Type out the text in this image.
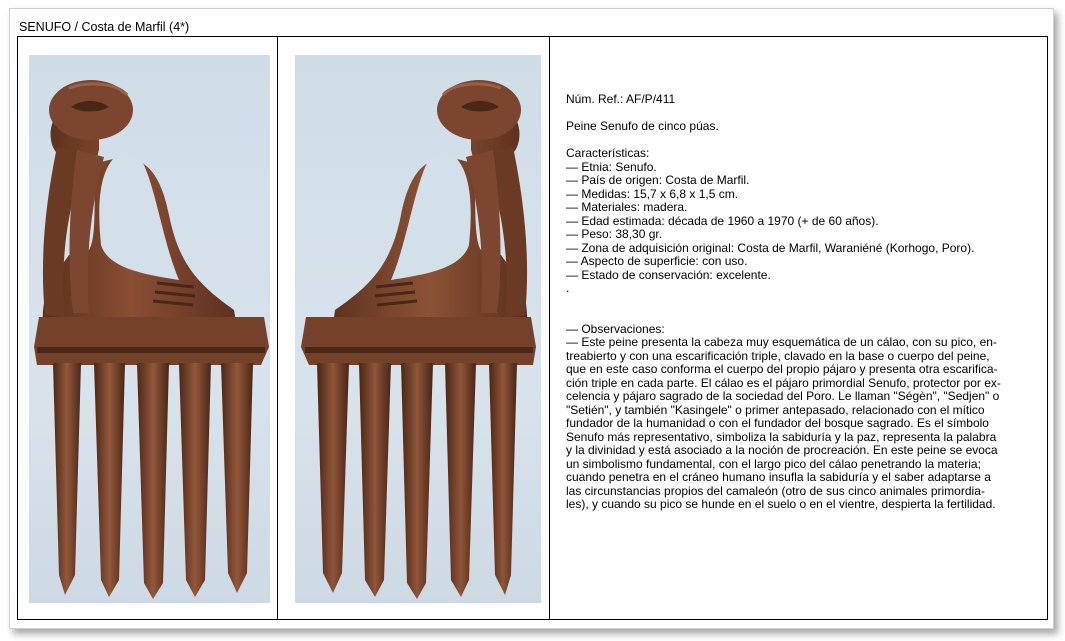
SENUFO / Costa de Marfil (4*)
Núm. Ref.: AF/P/411
Peine Senufo de cinco púas.
Características:
— Etnia: Senufo.
— País de origen: Costa de Marfil.
— Medidas: 15,7 x 6,8 x 1,5 cm.
— Materiales: madera.
— Edad estimada: década de 1960 a 1970 (+ de 60 años).
— Peso: 38,30 gr.
— Zona de adquisición original: Costa de Marfil, Waraniéné (Korhogo, Poro).
— Aspecto de superficie: con uso.
— Estado de conservación: excelente.
.
— Observaciones:
— Este peine presenta la cabeza muy esquemática de un cálao, con su pico, en-
treabierto y con una escarificación triple, clavado en la base o cuerpo del peine,
que en este caso conforma el cuerpo del propio pájaro y presenta otra escarifica-
ción triple en cada parte. El cálao es el pájaro primordial Senufo, protector por ex-
celencia y pájaro sagrado de la sociedad del Poro. Le llaman "Ségèn", "Sedjen" o
"Setién", y también "Kasingele" o primer antepasado, relacionado con el mítico
fundador de la humanidad o con el fundador del bosque sagrado. Es el símbolo
Senufo más representativo, simboliza la sabiduría y la paz, representa la palabra
y la divinidad y está asociado a la noción de procreación. En este peine se evoca
un simbolismo fundamental, con el largo pico del cálao penetrando la materia;
cuando penetra en el cráneo humano insufla la sabiduría y el saber adaptarse a
las circunstancias propios del camaleón (otro de sus cinco animales primordia-
les), y cuando su pico se hunde en el suelo o en el vientre, despierta la fertilidad.
